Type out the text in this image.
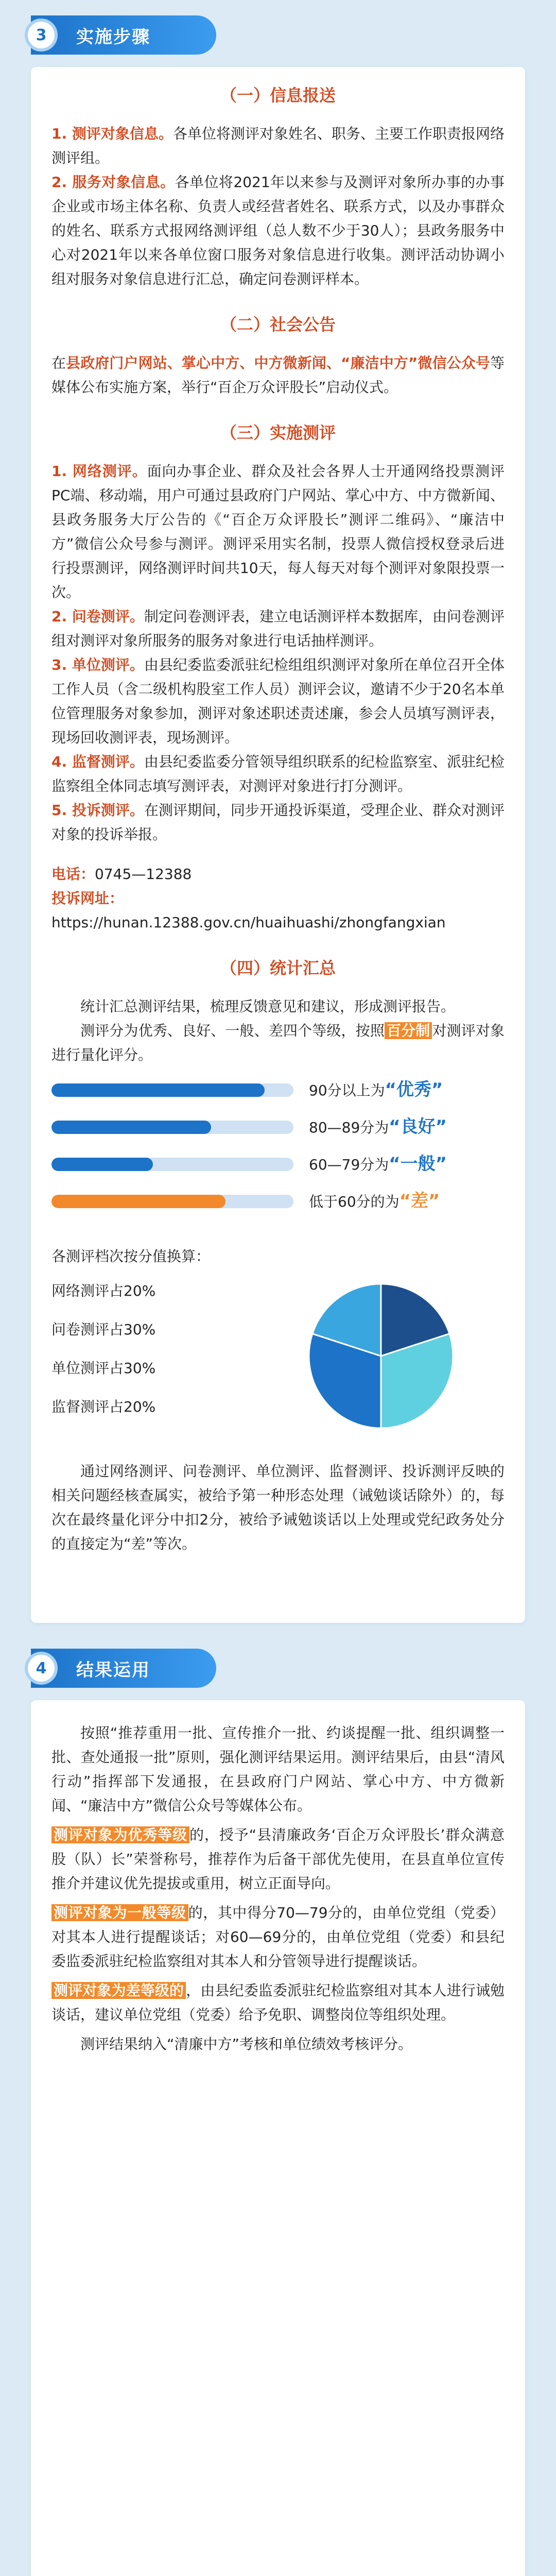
3	实施步骤
（一）信息报送

1. 测评对象信息。各单位将测评对象姓名、职务、主要工作职责报网络测评组。

2. 服务对象信息。各单位将2021年以来参与及测评对象所办事的办事企业或市场主体名称、负责人或经营者姓名、联系方式，以及办事群众的姓名、联系方式报网络测评组（总人数不少于30人）；县政务服务中心对2021年以来各单位窗口服务对象信息进行收集。测评活动协调小组对服务对象信息进行汇总，确定问卷测评样本。

（二）社会公告

在县政府门户网站、掌心中方、中方微新闻、“廉洁中方”微信公众号等媒体公布实施方案，举行“百企万众评股长”启动仪式。

（三）实施测评

1. 网络测评。面向办事企业、群众及社会各界人士开通网络投票测评PC端、移动端，用户可通过县政府门户网站、掌心中方、中方微新闻、县政务服务大厅公告的《“百企万众评股长”测评二维码》、“廉洁中方”微信公众号参与测评。测评采用实名制，投票人微信授权登录后进行投票测评，网络测评时间共10天，每人每天对每个测评对象限投票一次。

2. 问卷测评。制定问卷测评表，建立电话测评样本数据库，由问卷测评组对测评对象所服务的服务对象进行电话抽样测评。

3. 单位测评。由县纪委监委派驻纪检组组织测评对象所在单位召开全体工作人员（含二级机构股室工作人员）测评会议，邀请不少于20名本单位管理服务对象参加，测评对象述职述责述廉，参会人员填写测评表，现场回收测评表，现场测评。

4. 监督测评。由县纪委监委分管领导组织联系的纪检监察室、派驻纪检监察组全体同志填写测评表，对测评对象进行打分测评。

5. 投诉测评。在测评期间，同步开通投诉渠道，受理企业、群众对测评对象的投诉举报。

电话：0745—12388

投诉网址：

https://hunan.12388.gov.cn/huaihuashi/zhongfangxian

（四）统计汇总

统计汇总测评结果，梳理反馈意见和建议，形成测评报告。

测评分为优秀、良好、一般、差四个等级，按照 百分制 对测评对象进行量化评分。

90分以上为“优秀”
80—89分为“良好”
60—79分为“一般”
低于60分的为“差”

各测评档次按分值换算：

网络测评占20%
问卷测评占30%
单位测评占30%
监督测评占20%

通过网络测评、问卷测评、单位测评、监督测评、投诉测评反映的相关问题经核查属实，被给予第一种形态处理（诫勉谈话除外）的，每次在最终量化评分中扣2分，被给予诫勉谈话以上处理或党纪政务处分的直接定为“差”等次。

4	结果运用

按照“推荐重用一批、宣传推介一批、约谈提醒一批、组织调整一批、查处通报一批”原则，强化测评结果运用。测评结果后，由县“清风行动”指挥部下发通报，在县政府门户网站、掌心中方、中方微新闻、“廉洁中方”微信公众号等媒体公布。

测评对象为优秀等级 的，授予“县清廉政务‘百企万众评股长’群众满意股（队）长”荣誉称号，推荐作为后备干部优先使用，在县直单位宣传推介并建议优先提拔或重用，树立正面导向。

测评对象为一般等级 的，其中得分70—79分的，由单位党组（党委）对其本人进行提醒谈话；对60—69分的，由单位党组（党委）和县纪委监委派驻纪检监察组对其本人和分管领导进行提醒谈话。

测评对象为差等级的 ，由县纪委监委派驻纪检监察组对其本人进行诫勉谈话，建议单位党组（党委）给予免职、调整岗位等组织处理。

测评结果纳入“清廉中方”考核和单位绩效考核评分。
